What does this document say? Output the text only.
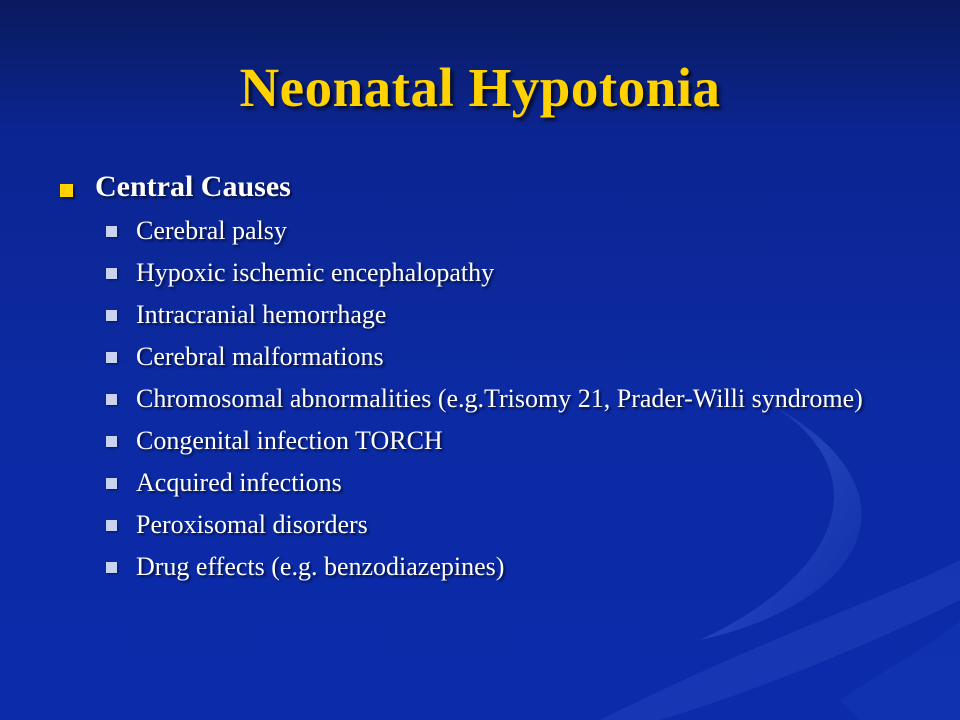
Neonatal Hypotonia
Central Causes
Cerebral palsy
Hypoxic ischemic encephalopathy
Intracranial hemorrhage
Cerebral malformations
Chromosomal abnormalities (e.g.Trisomy 21, Prader-Willi syndrome)
Congenital infection TORCH
Acquired infections
Peroxisomal disorders
Drug effects (e.g. benzodiazepines)
